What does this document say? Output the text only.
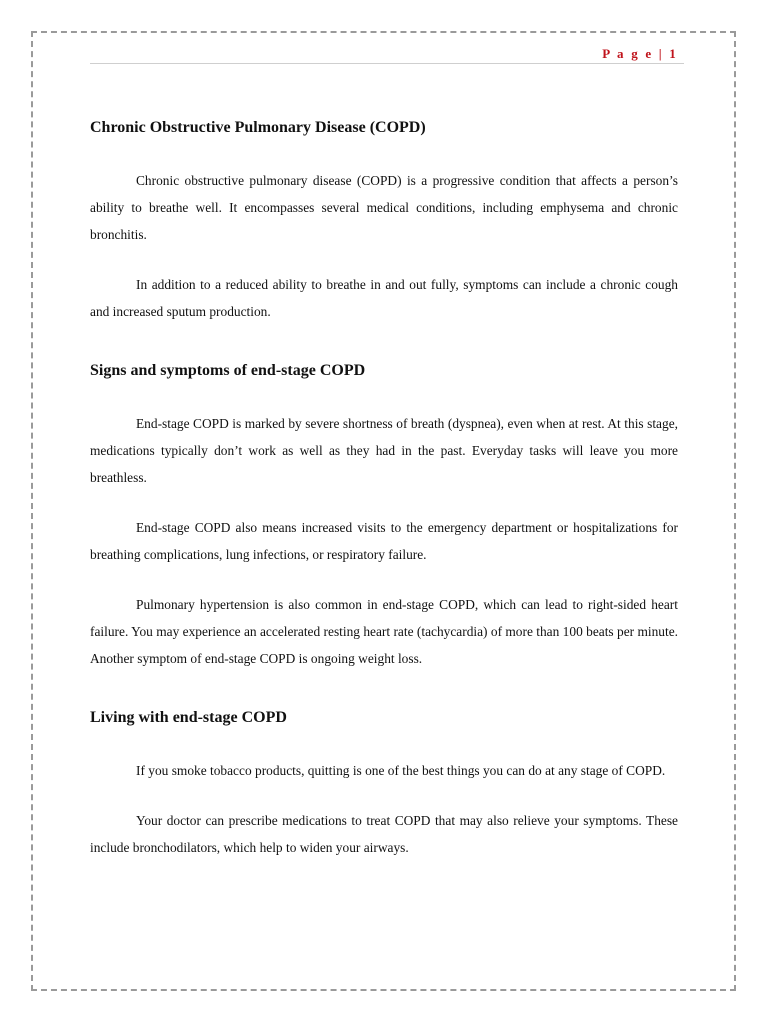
P a g e | 1
Chronic Obstructive Pulmonary Disease (COPD)

Chronic obstructive pulmonary disease (COPD) is a progressive condition that affects a person’s ability to breathe well. It encompasses several medical conditions, including emphysema and chronic bronchitis.

In addition to a reduced ability to breathe in and out fully, symptoms can include a chronic cough and increased sputum production.

Signs and symptoms of end-stage COPD

End-stage COPD is marked by severe shortness of breath (dyspnea), even when at rest. At this stage, medications typically don’t work as well as they had in the past. Everyday tasks will leave you more breathless.

End-stage COPD also means increased visits to the emergency department or hospitalizations for breathing complications, lung infections, or respiratory failure.

Pulmonary hypertension is also common in end-stage COPD, which can lead to right-sided heart failure. You may experience an accelerated resting heart rate (tachycardia) of more than 100 beats per minute. Another symptom of end-stage COPD is ongoing weight loss.

Living with end-stage COPD

If you smoke tobacco products, quitting is one of the best things you can do at any stage of COPD.

Your doctor can prescribe medications to treat COPD that may also relieve your symptoms. These include bronchodilators, which help to widen your airways.
